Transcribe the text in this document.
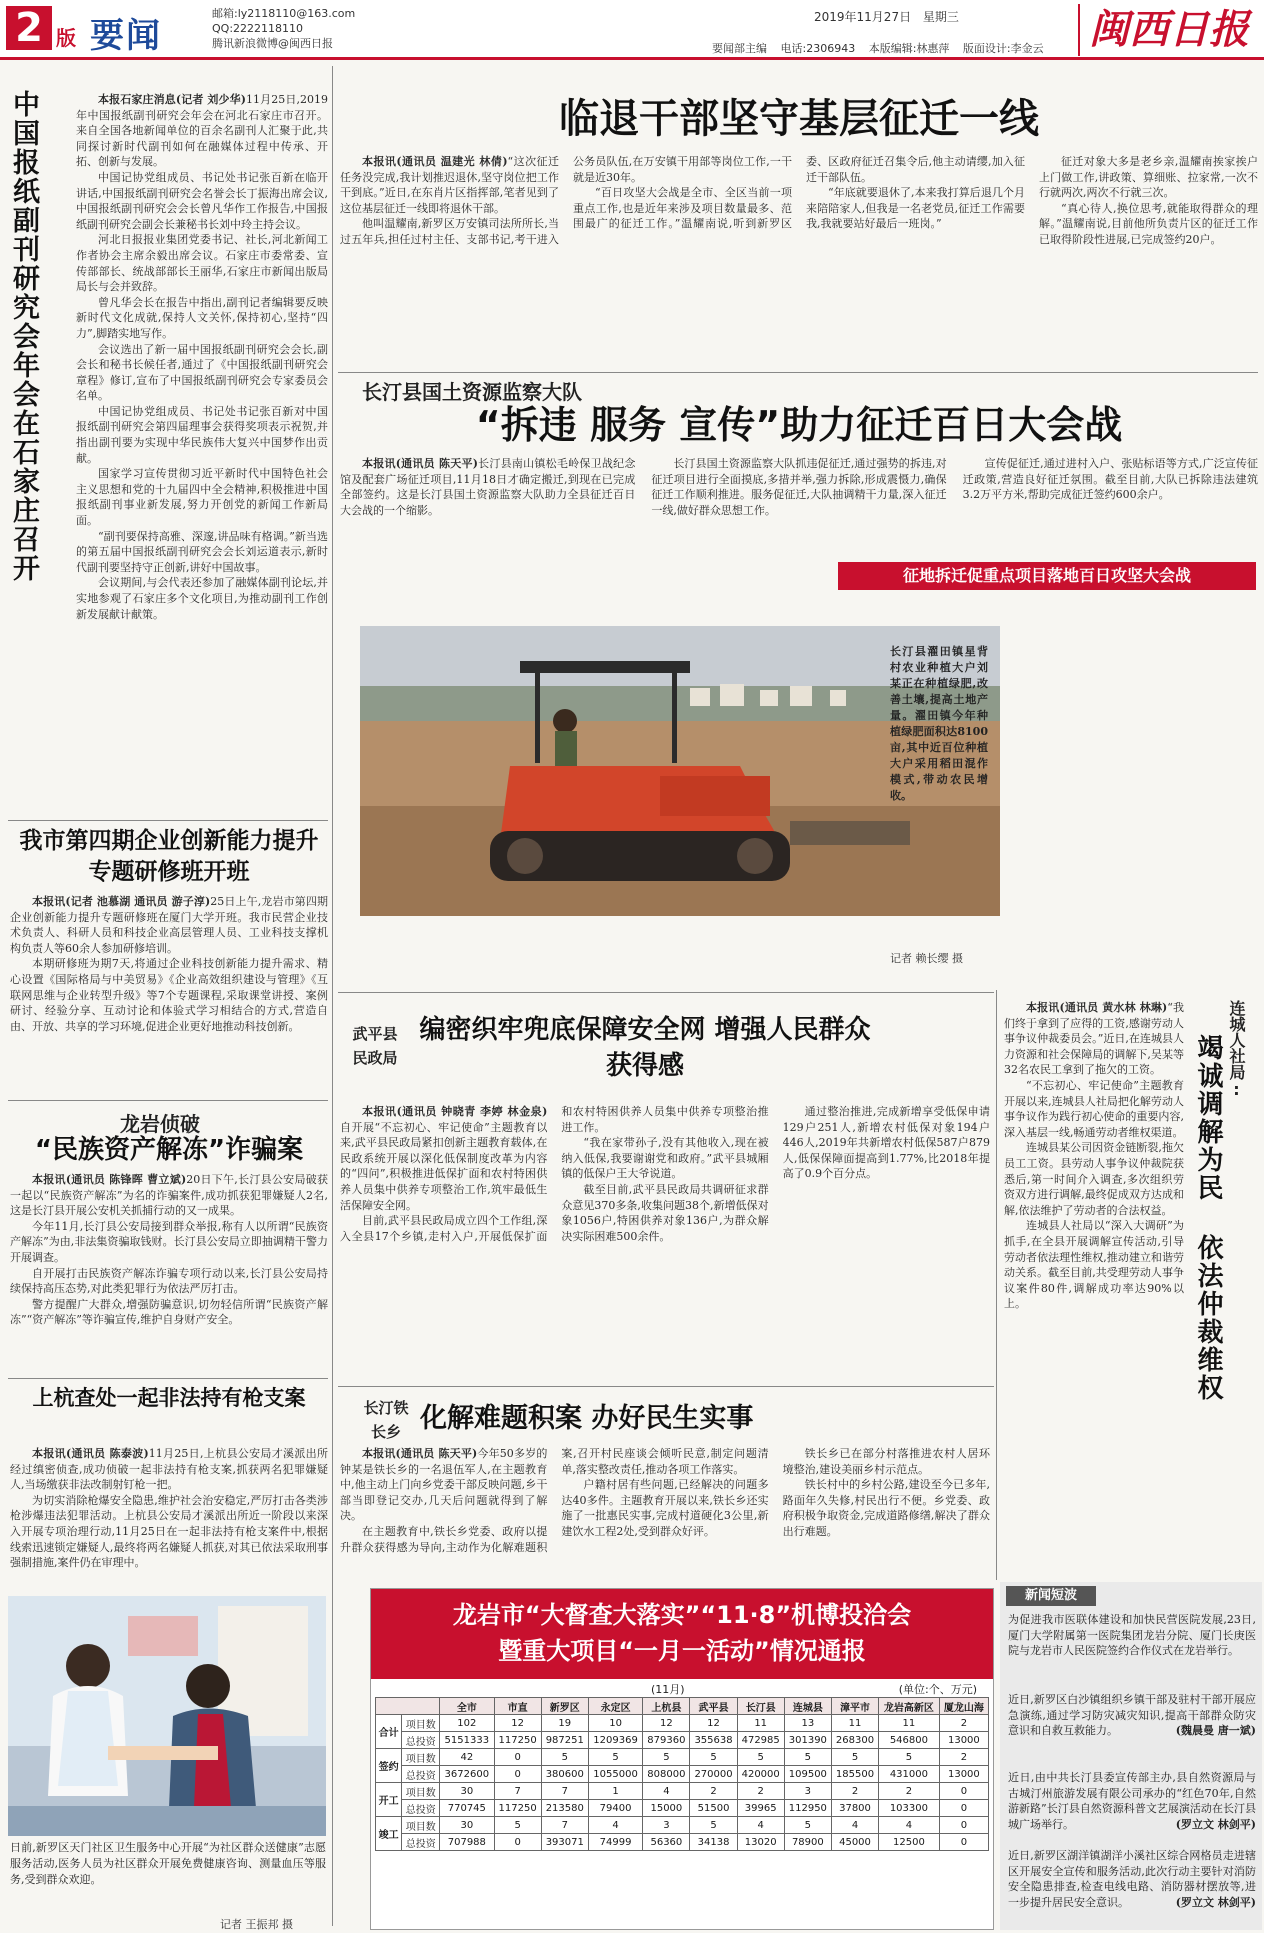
2 版 要闻
邮箱:ly2118110@163.com
QQ:2222118110
腾讯新浪微博@闽西日报
2019年11月27日 星期三
要闻部主编 电话:2306943 本版编辑:林惠萍 版面设计:李金云 闽西日报
中国报纸副刊研究会年会在石家庄召开	本报石家庄消息(记者 刘少华)11月25日,2019年中国报纸副刊研究会年会在河北石家庄市召开。来自全国各地新闻单位的百余名副刊人汇聚于此,共同探讨新时代副刊如何在融媒体过程中传承、开拓、创新与发展。

中国记协党组成员、书记处书记张百新在临开讲话,中国报纸副刊研究会名誉会长丁振海出席会议,中国报纸副刊研究会会长曾凡华作工作报告,中国报纸副刊研究会副会长兼秘书长刘中玲主持会议。

河北日报报业集团党委书记、社长,河北新闻工作者协会主席余毅出席会议。石家庄市委常委、宣传部部长、统战部部长王丽华,石家庄市新闻出版局局长与会并致辞。

曾凡华会长在报告中指出,副刊记者编辑要反映新时代文化成就,保持人文关怀,保持初心,坚持“四力”,脚踏实地写作。

会议选出了新一届中国报纸副刊研究会会长,副会长和秘书长候任者,通过了《中国报纸副刊研究会章程》修订,宣布了中国报纸副刊研究会专家委员会名单。

中国记协党组成员、书记处书记张百新对中国报纸副刊研究会第四届理事会获得奖项表示祝贺,并指出副刊要为实现中华民族伟大复兴中国梦作出贡献。

国家学习宣传贯彻习近平新时代中国特色社会主义思想和党的十九届四中全会精神,积极推进中国报纸副刊事业新发展,努力开创党的新闻工作新局面。

“副刊要保持高雅、深邃,讲品味有格调。”新当选的第五届中国报纸副刊研究会会长刘运道表示,新时代副刊要坚持守正创新,讲好中国故事。

会议期间,与会代表还参加了融媒体副刊论坛,并实地参观了石家庄多个文化项目,为推动副刊工作创新发展献计献策。

我市第四期企业创新能力提升专题研修班开班

本报讯(记者 池慕湖 通讯员 游子淳)25日上午,龙岩市第四期企业创新能力提升专题研修班在厦门大学开班。我市民营企业技术负责人、科研人员和科技企业高层管理人员、工业科技支撑机构负责人等60余人参加研修培训。

本期研修班为期7天,将通过企业科技创新能力提升需求、精心设置《国际格局与中美贸易》《企业高效组织建设与管理》《互联网思维与企业转型升级》等7个专题课程,采取课堂讲授、案例研讨、经验分享、互动讨论和体验式学习相结合的方式,营造自由、开放、共享的学习环境,促进企业更好地推动科技创新。

龙岩侦破
“民族资产解冻”诈骗案

本报讯(通讯员 陈锋晖 曹立斌)20日下午,长汀县公安局破获一起以“民族资产解冻”为名的诈骗案件,成功抓获犯罪嫌疑人2名,这是长汀县开展公安机关抓捕行动的又一成果。

今年11月,长汀县公安局接到群众举报,称有人以所谓“民族资产解冻”为由,非法集资骗取钱财。长汀县公安局立即抽调精干警力开展调查。

自开展打击民族资产解冻诈骗专项行动以来,长汀县公安局持续保持高压态势,对此类犯罪行为依法严厉打击。

警方提醒广大群众,增强防骗意识,切勿轻信所谓“民族资产解冻”“资产解冻”等诈骗宣传,维护自身财产安全。

上杭查处一起非法持有枪支案

本报讯(通讯员 陈泰波)11月25日,上杭县公安局才溪派出所经过缜密侦查,成功侦破一起非法持有枪支案,抓获两名犯罪嫌疑人,当场缴获非法改制射钉枪一把。

为切实消除枪爆安全隐患,维护社会治安稳定,严厉打击各类涉枪涉爆违法犯罪活动。上杭县公安局才溪派出所近一阶段以来深入开展专项治理行动,11月25日在一起非法持有枪支案件中,根据线索迅速锁定嫌疑人,最终将两名嫌疑人抓获,对其已依法采取刑事强制措施,案件仍在审理中。

日前,新罗区天门社区卫生服务中心开展“为社区群众送健康”志愿服务活动,医务人员为社区群众开展免费健康咨询、测量血压等服务,受到群众欢迎。
记者 王振邦 摄
临退干部坚守基层征迁一线

本报讯(通讯员 温建光 林倩)“这次征迁任务没完成,我计划推迟退休,坚守岗位把工作干到底。”近日,在东肖片区指挥部,笔者见到了这位基层征迁一线即将退休干部。

他叫温耀南,新罗区万安镇司法所所长,当过五年兵,担任过村主任、支部书记,考干进入公务员队伍,在万安镇干用部等岗位工作,一干就是近30年。

“百日攻坚大会战是全市、全区当前一项重点工作,也是近年来涉及项目数量最多、范围最广的征迁工作。”温耀南说,听到新罗区委、区政府征迁召集令后,他主动请缨,加入征迁干部队伍。

“年底就要退休了,本来我打算后退几个月来陪陪家人,但我是一名老党员,征迁工作需要我,我就要站好最后一班岗。”

征迁对象大多是老乡亲,温耀南挨家挨户上门做工作,讲政策、算细账、拉家常,一次不行就两次,两次不行就三次。

“真心待人,换位思考,就能取得群众的理解。”温耀南说,目前他所负责片区的征迁工作已取得阶段性进展,已完成签约20户。

长汀县国土资源监察大队
“拆违 服务 宣传”助力征迁百日大会战

本报讯(通讯员 陈天平)长汀县南山镇松毛岭保卫战纪念馆及配套广场征迁项目,11月18日才确定搬迁,到现在已完成全部签约。这是长汀县国土资源监察大队助力全县征迁百日大会战的一个缩影。

长汀县国土资源监察大队抓违促征迁,通过强势的拆违,对征迁项目进行全面摸底,多措并举,强力拆除,形成震慑力,确保征迁工作顺利推进。服务促征迁,大队抽调精干力量,深入征迁一线,做好群众思想工作。

宣传促征迁,通过进村入户、张贴标语等方式,广泛宣传征迁政策,营造良好征迁氛围。截至目前,大队已拆除违法建筑3.2万平方米,帮助完成征迁签约600余户。

征地拆迁促重点项目落地百日攻坚大会战
长汀县濯田镇星背村农业种植大户刘某正在种植绿肥,改善土壤,提高土地产量。濯田镇今年种植绿肥面积达8100亩,其中近百位种植大户采用稻田混作模式,带动农民增收。
记者 赖长缨 摄
武平县民政局
编密织牢兜底保障安全网 增强人民群众获得感

本报讯(通讯员 钟晓青 李婷 林金泉)自开展“不忘初心、牢记使命”主题教育以来,武平县民政局紧扣创新主题教育载体,在民政系统开展以深化低保制度改革为内容的“四问”,积极推进低保扩面和农村特困供养人员集中供养专项整治工作,筑牢最低生活保障安全网。

目前,武平县民政局成立四个工作组,深入全县17个乡镇,走村入户,开展低保扩面和农村特困供养人员集中供养专项整治推进工作。

“我在家带孙子,没有其他收入,现在被纳入低保,我要谢谢党和政府。”武平县城厢镇的低保户王大爷说道。

截至目前,武平县民政局共调研征求群众意见370多条,收集问题38个,新增低保对象1056户,特困供养对象136户,为群众解决实际困难500余件。

通过整治推进,完成新增享受低保申请129户251人,新增农村低保对象194户446人,2019年共新增农村低保587户879人,低保保障面提高到1.77%,比2018年提高了0.9个百分点。

长汀铁长乡 化解难题积案 办好民生实事

本报讯(通讯员 陈天平)今年50多岁的钟某是铁长乡的一名退伍军人,在主题教育中,他主动上门向乡党委干部反映问题,乡干部当即登记交办,几天后问题就得到了解决。

在主题教育中,铁长乡党委、政府以提升群众获得感为导向,主动作为化解难题积案,召开村民座谈会倾听民意,制定问题清单,落实整改责任,推动各项工作落实。

户籍村居有些问题,已经解决的问题多达40多件。主题教育开展以来,铁长乡还实施了一批惠民实事,完成村道硬化3公里,新建饮水工程2处,受到群众好评。

铁长乡已在部分村落推进农村人居环境整治,建设美丽乡村示范点。

铁长村中的乡村公路,建设至今已多年,路面年久失修,村民出行不便。乡党委、政府积极争取资金,完成道路修缮,解决了群众出行难题。

连城人社局:
竭诚调解为民 依法仲裁维权

本报讯(通讯员 黄水林 林琳)“我们终于拿到了应得的工资,感谢劳动人事争议仲裁委员会。”近日,在连城县人力资源和社会保障局的调解下,吴某等32名农民工拿到了拖欠的工资。

“不忘初心、牢记使命”主题教育开展以来,连城县人社局把化解劳动人事争议作为践行初心使命的重要内容,深入基层一线,畅通劳动者维权渠道。

连城县某公司因资金链断裂,拖欠员工工资。县劳动人事争议仲裁院获悉后,第一时间介入调查,多次组织劳资双方进行调解,最终促成双方达成和解,依法维护了劳动者的合法权益。

连城县人社局以“深入大调研”为抓手,在全县开展调解宣传活动,引导劳动者依法理性维权,推动建立和谐劳动关系。截至目前,共受理劳动人事争议案件80件,调解成功率达90%以上。

新闻短波
为促进我市医联体建设和加快民营医院发展,23日,厦门大学附属第一医院集团龙岩分院、厦门长庚医院与龙岩市人民医院签约合作仪式在龙岩举行。
近日,新罗区白沙镇组织乡镇干部及驻村干部开展应急演练,通过学习防灾减灾知识,提高干部群众防灾意识和自救互救能力。	(魏晨曼 唐一斌)
近日,由中共长汀县委宣传部主办,县自然资源局与古城汀州旅游发展有限公司承办的“红色70年,自然游新路”长汀县自然资源科普文艺展演活动在长汀县城广场举行。	(罗立文 林剑平)
近日,新罗区湖洋镇湖洋小溪社区综合网格员走进辖区开展安全宣传和服务活动,此次行动主要针对消防安全隐患排查,检查电线电路、消防器材摆放等,进一步提升居民安全意识。	(罗立文 林剑平)
龙岩市“大督查大落实”“11·8”机博投洽会
暨重大项目“一月一活动”情况通报
(11月)	(单位:个、万元)
		全市	市直	新罗区	永定区	上杭县	武平县	长汀县	连城县	漳平市	龙岩高新区	厦龙山海
合计	项目数	102	12	19	10	12	12	11	13	11	11	2
	总投资	5151333	117250	987251	1209369	879360	355638	472985	301390	268300	546800	13000
签约	项目数	42	0	5	5	5	5	5	5	5	5	2
	总投资	3672600	0	380600	1055000	808000	270000	420000	109500	185500	431000	13000
开工	项目数	30	7	7	1	4	2	2	3	2	2	0
	总投资	770745	117250	213580	79400	15000	51500	39965	112950	37800	103300	0
竣工	项目数	30	5	7	4	3	5	4	5	4	4	0
	总投资	707988	0	393071	74999	56360	34138	13020	78900	45000	12500	0
